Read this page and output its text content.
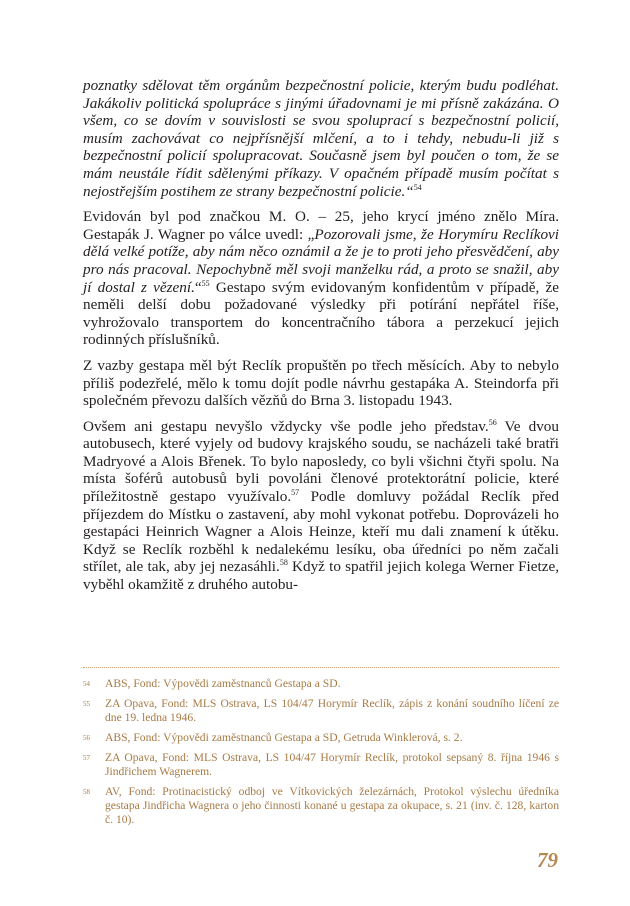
poznatky sdělovat těm orgánům bezpečnostní policie, kterým budu podléhat. Jakákoliv politická spolupráce s jinými úřadovnami je mi přísně zakázána. O všem, co se dovím v souvislosti se svou spoluprací s bezpečnostní policií, musím zachovávat co nejpřísnější mlčení, a to i tehdy, nebudu-li již s bezpečnostní policií spolupracovat. Současně jsem byl poučen o tom, že se mám neustále řídit sdělenými příkazy. V opačném případě musím počítat s nejostřejším postihem ze strany bezpečnostní policie.“$^{54}$

Evidován byl pod značkou M. O. – 25, jeho krycí jméno znělo Míra. Gestapák J. Wagner po válce uvedl: „Pozorovali jsme, že Horymíru Reclíkovi dělá velké potíže, aby nám něco oznámil a že je to proti jeho přesvědčení, aby pro nás pracoval. Nepochybně měl svoji manželku rád, a proto se snažil, aby jí dostal z vězení.“$^{55}$ Gestapo svým evidovaným konfidentům v případě, že neměli delší dobu požadované výsledky při potírání nepřátel říše, vyhrožovalo transportem do koncentračního tábora a perzekucí jejich rodinných příslušníků.

Z vazby gestapa měl být Reclík propuštěn po třech měsících. Aby to nebylo příliš podezřelé, mělo k tomu dojít podle návrhu gestapáka A. Steindorfa při společném převozu dalších vězňů do Brna 3. listopadu 1943.

Ovšem ani gestapu nevyšlo vždycky vše podle jeho představ.$^{56}$ Ve dvou autobusech, které vyjely od budovy krajského soudu, se nacházeli také bratři Madryové a Alois Břenek. To bylo naposledy, co byli všichni čtyři spolu. Na místa šoférů autobusů byli povoláni členové protektorátní policie, které příležitostně gestapo využívalo.$^{57}$ Podle domluvy požádal Reclík před příjezdem do Místku o zastavení, aby mohl vykonat potřebu. Doprovázeli ho gestapáci Heinrich Wagner a Alois Heinze, kteří mu dali znamení k útěku. Když se Reclík rozběhl k nedalekému lesíku, oba úředníci po něm začali střílet, ale tak, aby jej nezasáhli.$^{58}$ Když to spatřil jejich kolega Werner Fietze, vyběhl okamžitě z druhého autobu-

54	ABS, Fond: Výpovědi zaměstnanců Gestapa a SD.
55	ZA Opava, Fond: MLS Ostrava, LS 104/47 Horymír Reclík, zápis z konání soudního líčení ze dne 19. ledna 1946.
56	ABS, Fond: Výpovědi zaměstnanců Gestapa a SD, Getruda Winklerová, s. 2.
57	ZA Opava, Fond: MLS Ostrava, LS 104/47 Horymír Reclík, protokol sepsaný 8. října 1946 s Jindřichem Wagnerem.
58	AV, Fond: Protinacistický odboj ve Vítkovických železárnách, Protokol výslechu úředníka gestapa Jindřicha Wagnera o jeho činnosti konané u gestapa za okupace, s. 21 (inv. č. 128, karton č. 10).
79
